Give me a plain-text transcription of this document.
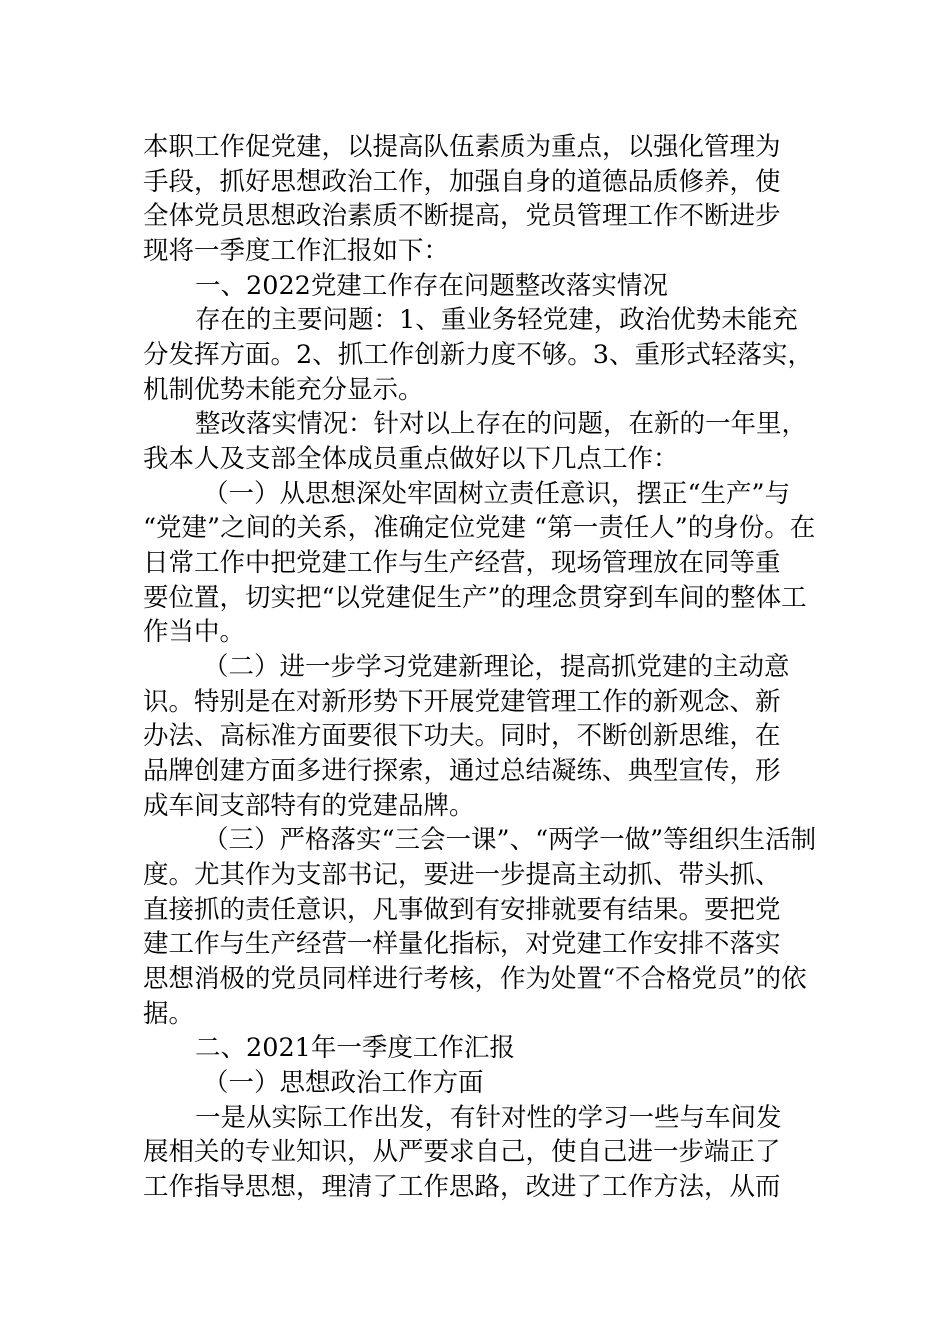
本职工作促党建，以提高队伍素质为重点，以强化管理为
手段，抓好思想政治工作，加强自身的道德品质修养，使
全体党员思想政治素质不断提高，党员管理工作不断进步
现将一季度工作汇报如下：
一、2022党建工作存在问题整改落实情况
存在的主要问题：1、重业务轻党建，政治优势未能充
分发挥方面。2、抓工作创新力度不够。3、重形式轻落实，
机制优势未能充分显示。
整改落实情况：针对以上存在的问题，在新的一年里，
我本人及支部全体成员重点做好以下几点工作：
（一）从思想深处牢固树立责任意识，摆正“生产”与
“党建”之间的关系，准确定位党建 “第一责任人”的身份。在
日常工作中把党建工作与生产经营，现场管理放在同等重
要位置，切实把“以党建促生产”的理念贯穿到车间的整体工
作当中。
（二）进一步学习党建新理论，提高抓党建的主动意
识。特别是在对新形势下开展党建管理工作的新观念、新
办法、高标准方面要很下功夫。同时，不断创新思维，在
品牌创建方面多进行探索，通过总结凝练、典型宣传，形
成车间支部特有的党建品牌。
（三）严格落实“三会一课”、“两学一做”等组织生活制
度。尤其作为支部书记，要进一步提高主动抓、带头抓、
直接抓的责任意识，凡事做到有安排就要有结果。要把党
建工作与生产经营一样量化指标，对党建工作安排不落实
思想消极的党员同样进行考核，作为处置“不合格党员”的依
据。
二、2021年一季度工作汇报
（一）思想政治工作方面
一是从实际工作出发，有针对性的学习一些与车间发
展相关的专业知识，从严要求自己，使自己进一步端正了
工作指导思想，理清了工作思路，改进了工作方法，从而
